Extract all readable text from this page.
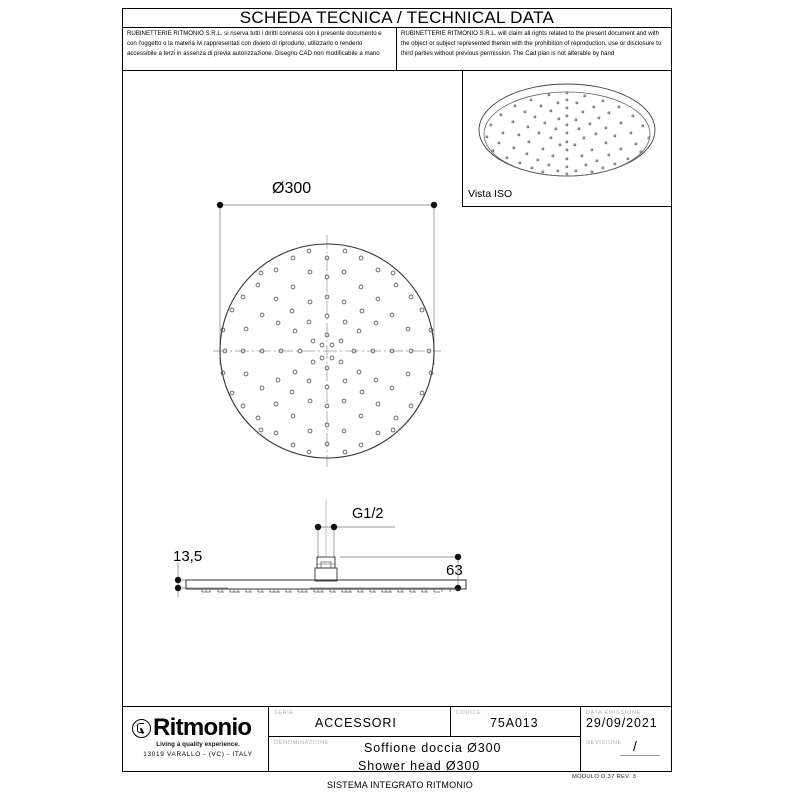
SCHEDA TECNICA / TECHNICAL DATA
RUBINETTERIE RITMONIO S.R.L. si riserva tutti i diritti connessi con il presente documento e con l'oggetto o la materia ivi rappresentati con divieto di riprodurlo, utilizzarlo o renderlo accessibile a terzi in assenza di previa autorizzazione. Disegno CAD non modificabile a mano
RUBINETTERIE RITMONIO S.R.L. will claim all rights related to the present document and with the object or subject represented therein with the prohibition of reproduction, use or disclosure to third parties without previous permission. The Cad plan is not alterable by hand
Vista ISO
Ø300
G1/2
13,5
63
Ritmonio
Living a quality experience.
13019 VARALLO - (VC) - ITALY
SERIE
ACCESSORI
CODICE
75A013
DATA EMISSIONE
29/09/2021
DENOMINAZIONE	Soffione doccia Ø300
Shower head Ø300
REVISIONE /
SISTEMA INTEGRATO RITMONIO
MODULO D.37 REV. 3
